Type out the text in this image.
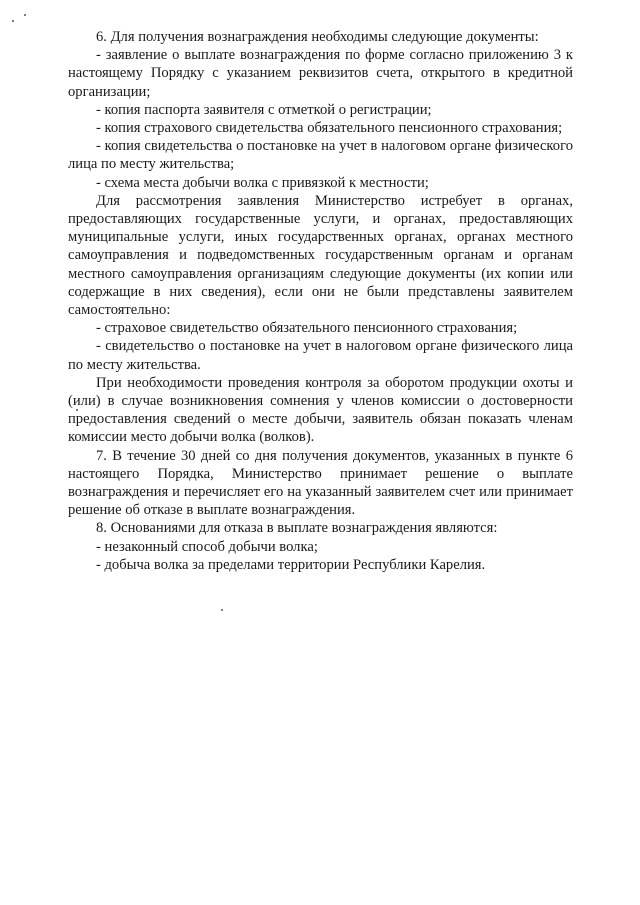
6. Для получения вознаграждения необходимы следующие документы:

- заявление о выплате вознаграждения по форме согласно приложению 3 к настоящему Порядку с указанием реквизитов счета, открытого в кредитной организации;

- копия паспорта заявителя с отметкой о регистрации;

- копия страхового свидетельства обязательного пенсионного страхования;

- копия свидетельства о постановке на учет в налоговом органе физического лица по месту жительства;

- схема места добычи волка с привязкой к местности;

Для рассмотрения заявления Министерство истребует в органах, предоставляющих государственные услуги, и органах, предоставляющих муниципальные услуги, иных государственных органах, органах местного самоуправления и подведомственных государственным органам и органам местного самоуправления организациям следующие документы (их копии или содержащие в них сведения), если они не были представлены заявителем самостоятельно:

- страховое свидетельство обязательного пенсионного страхования;

- свидетельство о постановке на учет в налоговом органе физического лица по месту жительства.

При необходимости проведения контроля за оборотом продукции охоты и (или) в случае возникновения сомнения у членов комиссии о достоверности предоставления сведений о месте добычи, заявитель обязан показать членам комиссии место добычи волка (волков).

7. В течение 30 дней со дня получения документов, указанных в пункте 6 настоящего Порядка, Министерство принимает решение о выплате вознаграждения и перечисляет его на указанный заявителем счет или принимает решение об отказе в выплате вознаграждения.

8. Основаниями для отказа в выплате вознаграждения являются:

- незаконный способ добычи волка;

- добыча волка за пределами территории Республики Карелия.
